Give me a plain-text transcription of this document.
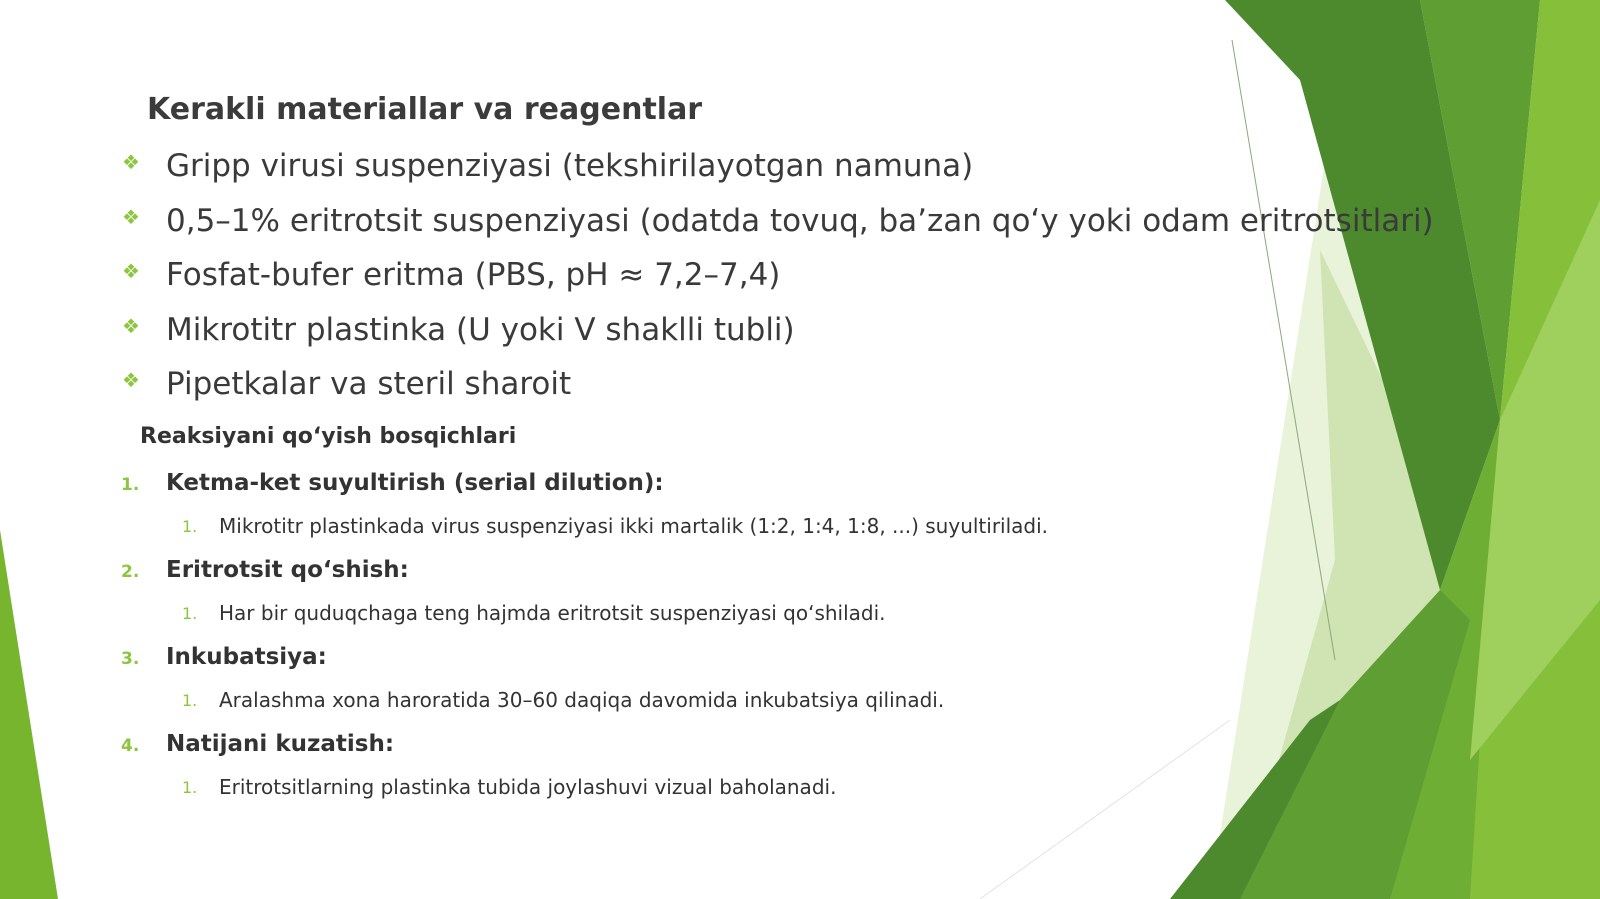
Kerakli materiallar va reagentlar
❖ Gripp virusi suspenziyasi (tekshirilayotgan namuna)
❖ 0,5–1% eritrotsit suspenziyasi (odatda tovuq, ba’zan qo‘y yoki odam eritrotsitlari)
❖ Fosfat-bufer eritma (PBS, pH ≈ 7,2–7,4)
❖ Mikrotitr plastinka (U yoki V shaklli tubli)
❖ Pipetkalar va steril sharoit
Reaksiyani qo‘yish bosqichlari
1. Ketma-ket suyultirish (serial dilution):
1. Mikrotitr plastinkada virus suspenziyasi ikki martalik (1:2, 1:4, 1:8, ...) suyultiriladi.
2. Eritrotsit qo‘shish:
1. Har bir quduqchaga teng hajmda eritrotsit suspenziyasi qo‘shiladi.
3. Inkubatsiya:
1. Aralashma xona haroratida 30–60 daqiqa davomida inkubatsiya qilinadi.
4. Natijani kuzatish:
1. Eritrotsitlarning plastinka tubida joylashuvi vizual baholanadi.
